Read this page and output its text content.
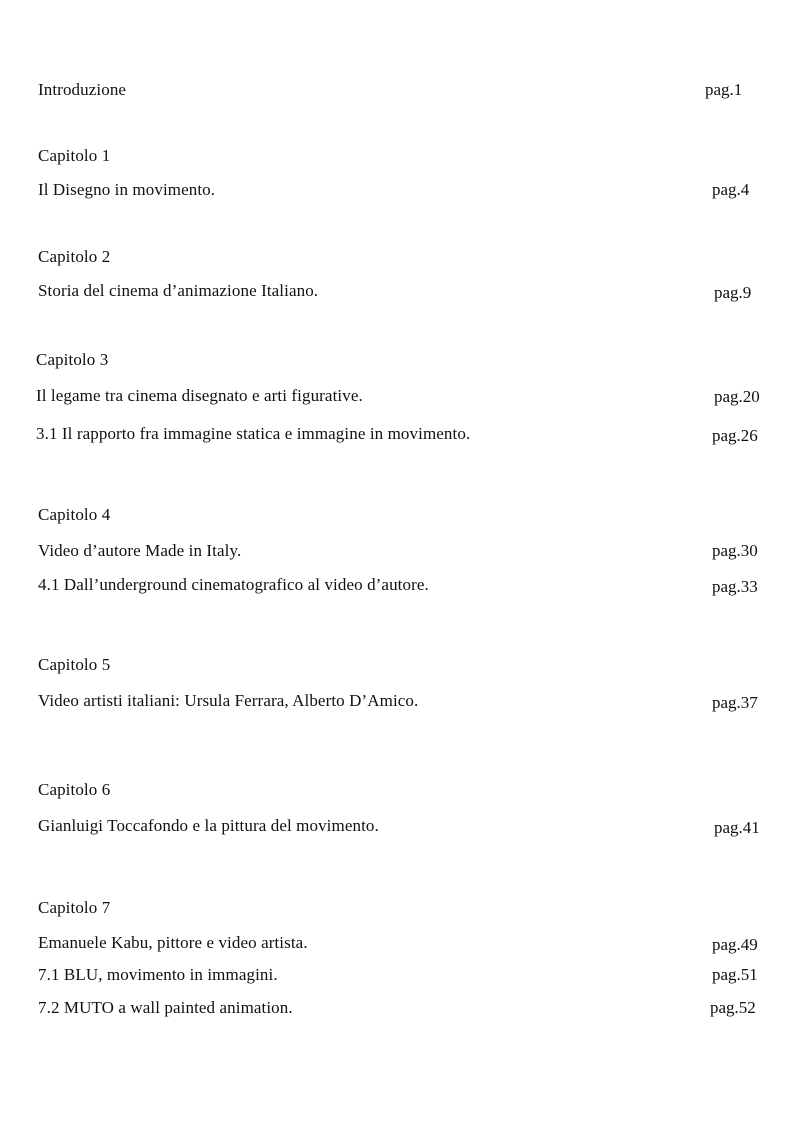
Introduzione	pag.1
Capitolo 1
Il Disegno in movimento.	pag.4
Capitolo 2
Storia del cinema d’animazione Italiano.	pag.9
Capitolo 3
Il legame tra cinema disegnato e arti figurative.	pag.20
3.1 Il rapporto fra immagine statica e immagine in movimento.	pag.26
Capitolo 4
Video d’autore Made in Italy.	pag.30
4.1 Dall’underground cinematografico al video d’autore.	pag.33
Capitolo 5
Video artisti italiani: Ursula Ferrara, Alberto D’Amico.	pag.37
Capitolo 6
Gianluigi Toccafondo e la pittura del movimento.	pag.41
Capitolo 7
Emanuele Kabu, pittore e video artista.	pag.49
7.1 BLU, movimento in immagini.	pag.51
7.2 MUTO a wall painted animation.	pag.52
